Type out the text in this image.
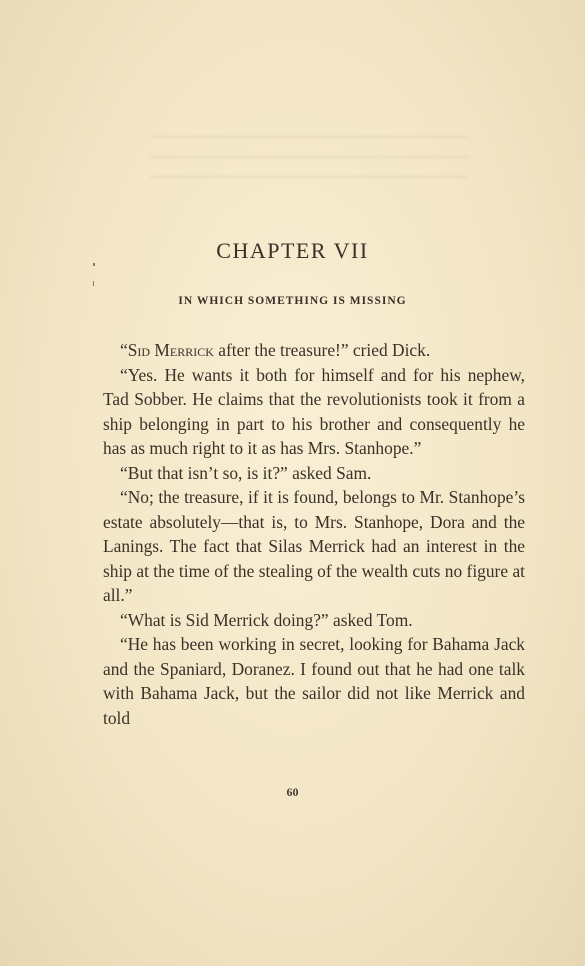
CHAPTER VII
IN WHICH SOMETHING IS MISSING

“Sid Merrick after the treasure!” cried Dick.

“Yes. He wants it both for himself and for his nephew, Tad Sobber. He claims that the revolutionists took it from a ship belonging in part to his brother and consequently he has as much right to it as has Mrs. Stanhope.”

“But that isn’t so, is it?” asked Sam.

“No; the treasure, if it is found, belongs to Mr. Stanhope’s estate absolutely—that is, to Mrs. Stanhope, Dora and the Lanings. The fact that Silas Merrick had an interest in the ship at the time of the stealing of the wealth cuts no figure at all.”

“What is Sid Merrick doing?” asked Tom.

“He has been working in secret, looking for Bahama Jack and the Spaniard, Doranez. I found out that he had one talk with Bahama Jack, but the sailor did not like Merrick and told

60
